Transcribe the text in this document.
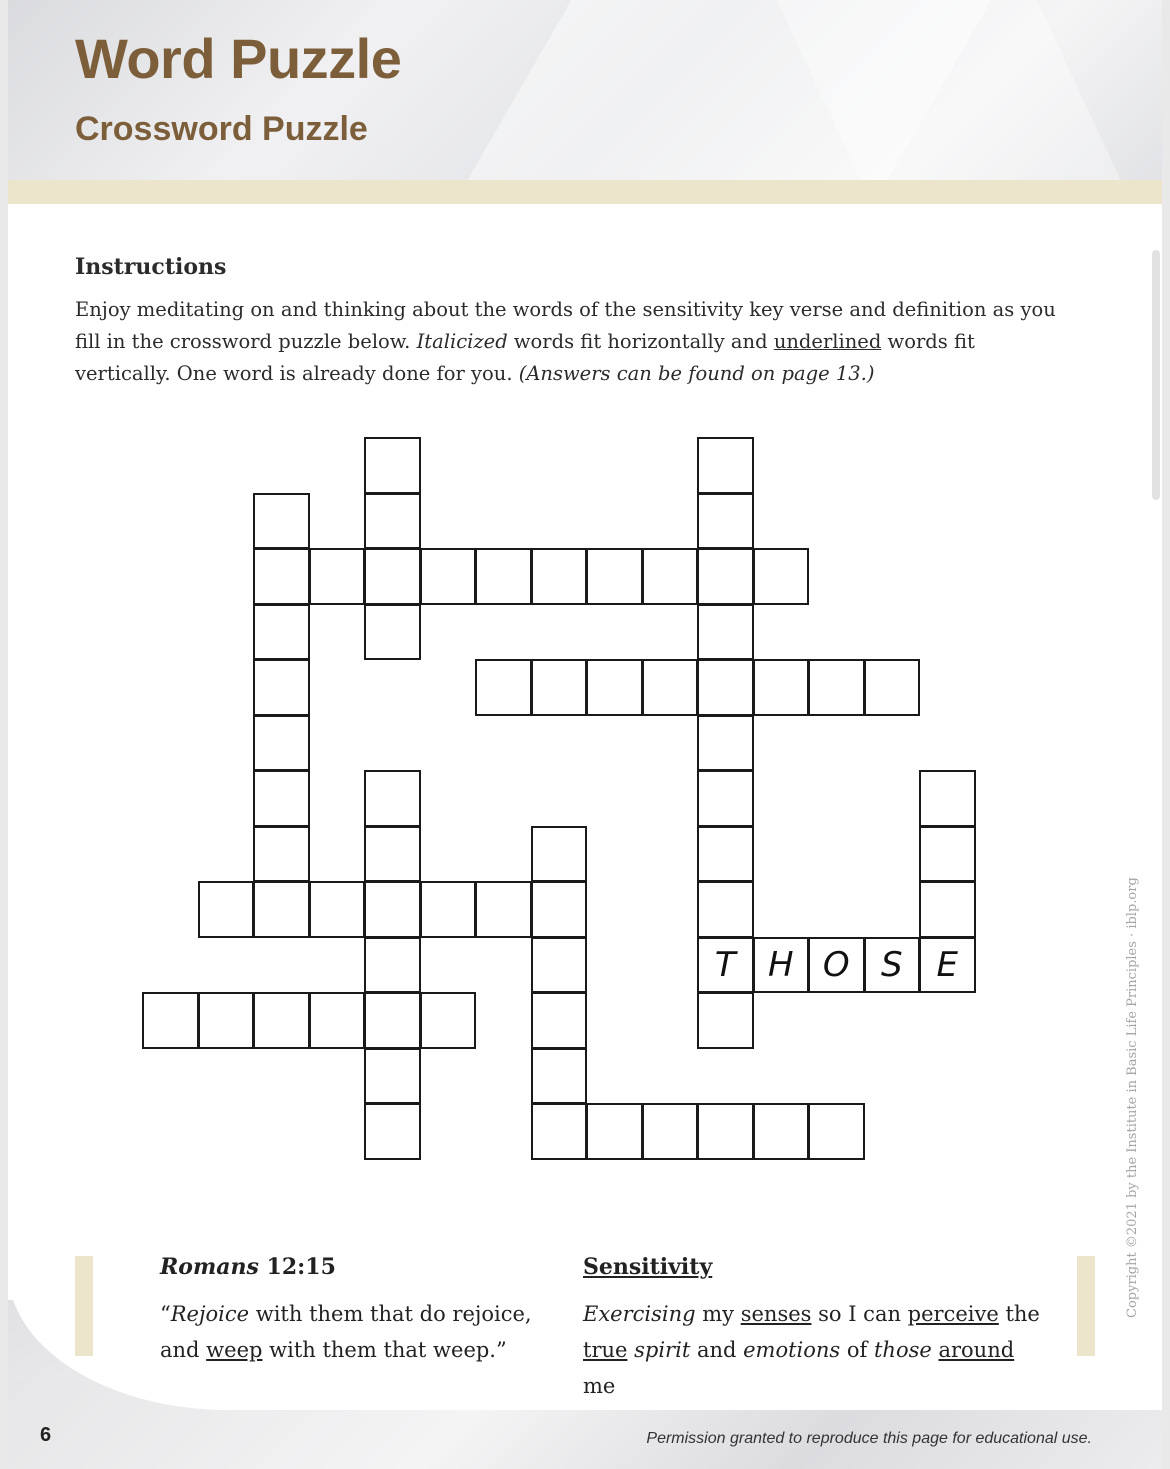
Word Puzzle
Crossword Puzzle
Instructions

Enjoy meditating on and thinking about the words of the sensitivity key verse and definition as you fill in the crossword puzzle below. Italicized words fit horizontally and underlined words fit vertically. One word is already done for you. (Answers can be found on page 13.)

T H O S E

Romans 12:15

“Rejoice with them that do rejoice, and weep with them that weep.”

Sensitivity

Exercising my senses so I can perceive the true spirit and emotions of those around me

Copyright ©2021 by the Institute in Basic Life Principles · iblp.org

6	Permission granted to reproduce this page for educational use.
